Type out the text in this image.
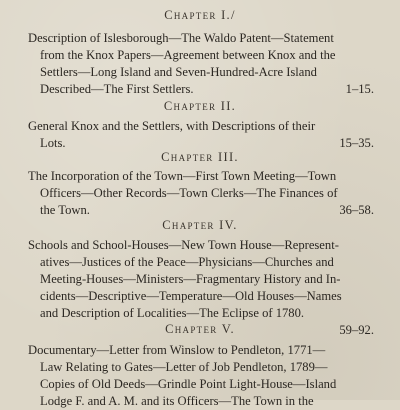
Chapter I./
Description of Islesborough—The Waldo Patent—Statement
from the Knox Papers—Agreement between Knox and the
Settlers—Long Island and Seven-Hundred-Acre Island
Described—The First Settlers.	1–15.
Chapter II.
General Knox and the Settlers, with Descriptions of their
Lots.	15–35.
Chapter III.
The Incorporation of the Town—First Town Meeting—Town
Officers—Other Records—Town Clerks—The Finances of
the Town.	36–58.
Chapter IV.
Schools and School-Houses—New Town House—Represent-
atives—Justices of the Peace—Physicians—Churches and
Meeting-Houses—Ministers—Fragmentary History and In-
cidents—Descriptive—Temperature—Old Houses—Names
and Description of Localities—The Eclipse of 1780.
59–92.
Chapter V.
Documentary—Letter from Winslow to Pendleton, 1771—
Law Relating to Gates—Letter of Job Pendleton, 1789—
Copies of Old Deeds—Grindle Point Light-House—Island
Lodge F. and A. M. and its Officers—The Town in the
